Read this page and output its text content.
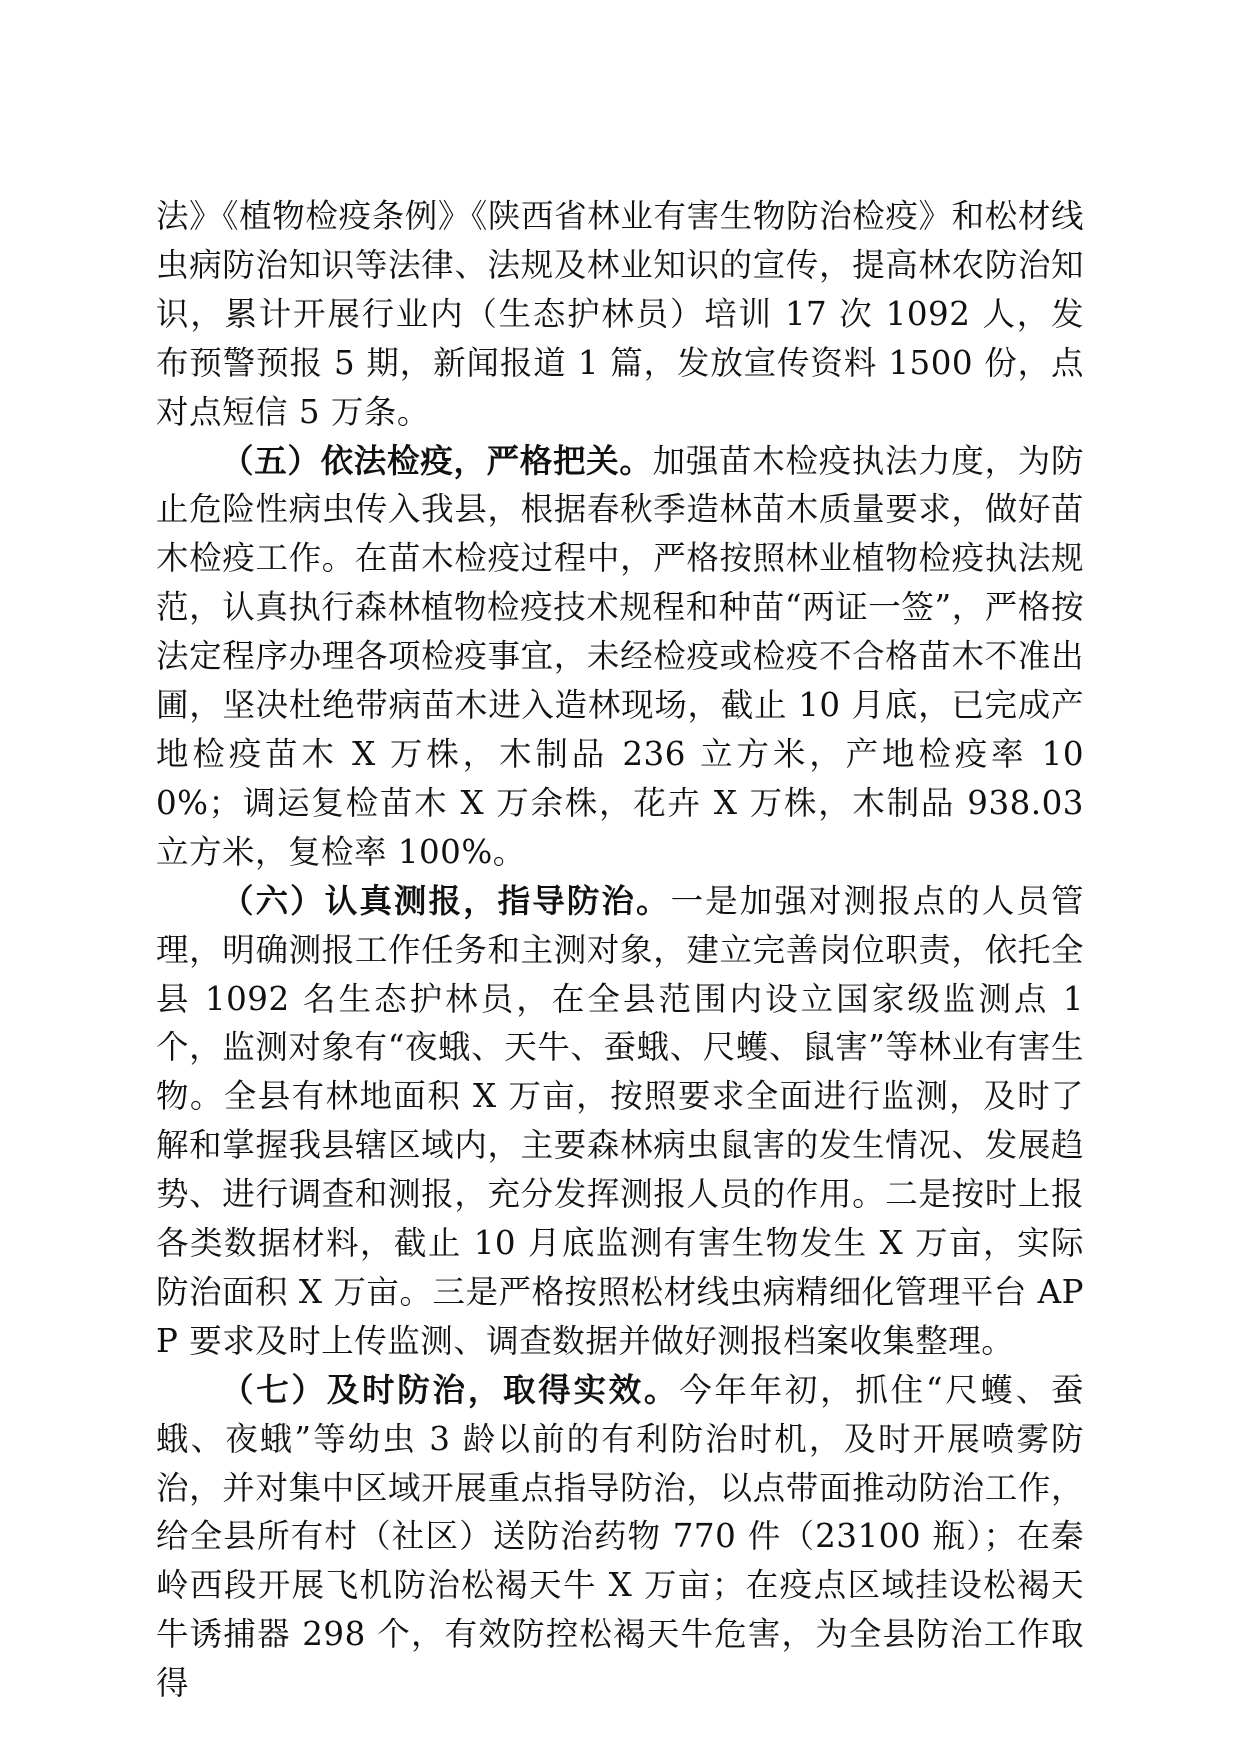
法》《植物检疫条例》《陕西省林业有害生物防治检疫》和松材线虫病防治知识等法律、法规及林业知识的宣传，提高林农防治知识，累计开展行业内（生态护林员）培训 17 次 1092 人，发布预警预报 5 期，新闻报道 1 篇，发放宣传资料 1500 份，点对点短信 5 万条。

（五）依法检疫，严格把关。加强苗木检疫执法力度，为防止危险性病虫传入我县，根据春秋季造林苗木质量要求，做好苗木检疫工作。在苗木检疫过程中，严格按照林业植物检疫执法规范，认真执行森林植物检疫技术规程和种苗“两证一签”，严格按法定程序办理各项检疫事宜，未经检疫或检疫不合格苗木不准出圃，坚决杜绝带病苗木进入造林现场，截止 10 月底，已完成产地检疫苗木 X 万株，木制品 236 立方米，产地检疫率 100%；调运复检苗木 X 万余株，花卉 X 万株，木制品 938.03 立方米，复检率 100%。

（六）认真测报，指导防治。一是加强对测报点的人员管理，明确测报工作任务和主测对象，建立完善岗位职责，依托全县 1092 名生态护林员，在全县范围内设立国家级监测点 1 个，监测对象有“夜蛾、天牛、蚕蛾、尺蠖、鼠害”等林业有害生物。全县有林地面积 X 万亩，按照要求全面进行监测，及时了解和掌握我县辖区域内，主要森林病虫鼠害的发生情况、发展趋势、进行调查和测报，充分发挥测报人员的作用。二是按时上报各类数据材料，截止 10 月底监测有害生物发生 X 万亩，实际防治面积 X 万亩。三是严格按照松材线虫病精细化管理平台 APP 要求及时上传监测、调查数据并做好测报档案收集整理。

（七）及时防治，取得实效。今年年初，抓住“尺蠖、蚕蛾、夜蛾”等幼虫 3 龄以前的有利防治时机，及时开展喷雾防治，并对集中区域开展重点指导防治，以点带面推动防治工作，给全县所有村（社区）送防治药物 770 件（23100 瓶）；在秦岭西段开展飞机防治松褐天牛 X 万亩；在疫点区域挂设松褐天牛诱捕器 298 个，有效防控松褐天牛危害，为全县防治工作取得
